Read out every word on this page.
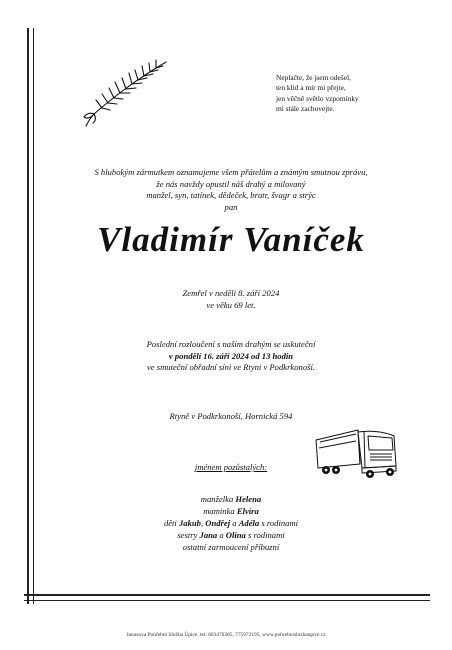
Neplačte, že jsem odešel,
ten klid a mír mi přejte,
jen věčně světlo vzpomínky
mi stále zachovejte.
S hlubokým zármutkem oznamujeme všem přátelům a známým smutnou zprávu,
že nás navždy opustil náš drahý a milovaný
manžel, syn, tatínek, dědeček, bratr, švagr a strýc
pan
Vladimír Vaníček
Zemřel v neděli 8. září 2024
ve věku 69 let.
Poslední rozloučení s naším drahým se uskuteční
v pondělí 16. září 2024 od 13 hodin
ve smuteční obřadní síni ve Rtyni v Podkrkonoší.
Rtyně v Podkrkonoší, Hornická 594
jménem pozůstalých:
manželka Helena
maminka Elvíra
děti Jakub, Ondřej a Adéla s rodinami
sestry Jana a Olina s rodinami
ostatní zarmoucení příbuzní
Janusova Pohřební Služba Úpice, tel: 603470305, 775972195, www.pohrebnisluzbaupice.cz
